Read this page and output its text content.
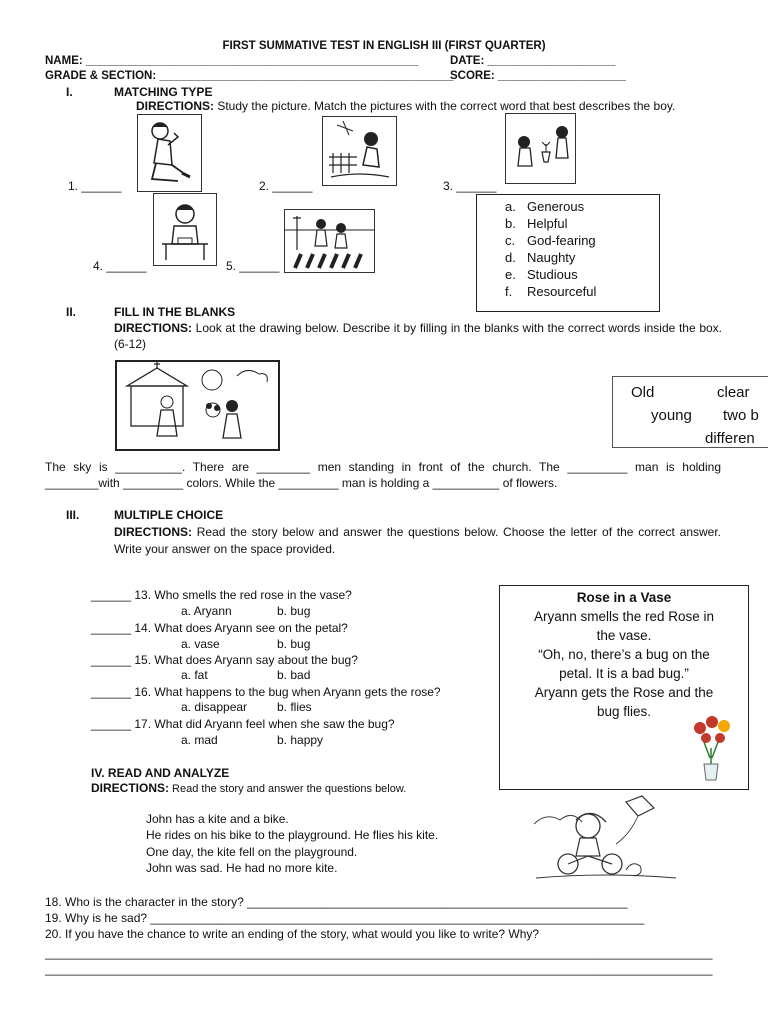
FIRST SUMMATIVE TEST IN ENGLISH III (FIRST QUARTER)
NAME: ____________________________________________________	DATE: ____________________
GRADE & SECTION: ______________________________________________
SCORE: ____________________
I.	MATCHING TYPE
DIRECTIONS: Study the picture. Match the pictures with the correct word that best describes the boy.
1. ______	2. ______	3. ______
4. ______	5. ______
a. Generous
b. Helpful
c. God-fearing
d. Naughty
e. Studious
f. Resourceful
II.	FILL IN THE BLANKS
DIRECTIONS: Look at the drawing below. Describe it by filling in the blanks with the correct words inside the box. (6-12)
Old	clear
young two b
differen
The sky is __________. There are ________ men standing in front of the church. The _________ man is holding ________with _________ colors. While the _________ man is holding a __________ of flowers.
III.	MULTIPLE CHOICE
DIRECTIONS: Read the story below and answer the questions below. Choose the letter of the correct answer. Write your answer on the space provided.
______ 13. Who smells the red rose in the vase?
a. Aryann	b. bug
______ 14. What does Aryann see on the petal?
a. vase	b. bug
______ 15. What does Aryann say about the bug?
a. fat	b. bad
______ 16. What happens to the bug when Aryann gets the rose?
a. disappear b. flies
______ 17. What did Aryann feel when she saw the bug?
a. mad	b. happy
Rose in a Vase
Aryann smells the red Rose in
the vase.
“Oh, no, there’s a bug on the
petal. It is a bad bug.”
Aryann gets the Rose and the
bug flies.
IV. READ AND ANALYZE
DIRECTIONS: Read the story and answer the questions below.
John has a kite and a bike.
He rides on his bike to the playground. He flies his kite.
One day, the kite fell on the playground.
John was sad. He had no more kite.
18. Who is the character in the story? _________________________________________________________
19. Why is he sad? __________________________________________________________________________
20. If you have the chance to write an ending of the story, what would you like to write? Why?
____________________________________________________________________________________________________
____________________________________________________________________________________________________
